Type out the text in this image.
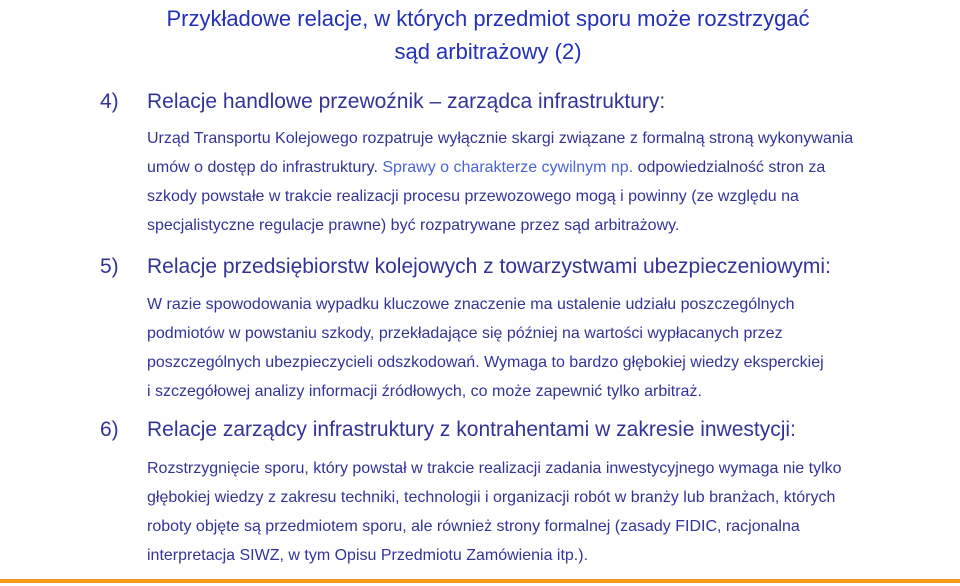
Przykładowe relacje, w których przedmiot sporu może rozstrzygać
sąd arbitrażowy (2)
4) Relacje handlowe przewoźnik – zarządca infrastruktury:
Urząd Transportu Kolejowego rozpatruje wyłącznie skargi związane z formalną stroną wykonywania
umów o dostęp do infrastruktury. Sprawy o charakterze cywilnym np. odpowiedzialność stron za
szkody powstałe w trakcie realizacji procesu przewozowego mogą i powinny (ze względu na
specjalistyczne regulacje prawne) być rozpatrywane przez sąd arbitrażowy.
5) Relacje przedsiębiorstw kolejowych z towarzystwami ubezpieczeniowymi:
W razie spowodowania wypadku kluczowe znaczenie ma ustalenie udziału poszczególnych
podmiotów w powstaniu szkody, przekładające się później na wartości wypłacanych przez
poszczególnych ubezpieczycieli odszkodowań. Wymaga to bardzo głębokiej wiedzy eksperckiej
i szczegółowej analizy informacji źródłowych, co może zapewnić tylko arbitraż.
6) Relacje zarządcy infrastruktury z kontrahentami w zakresie inwestycji:
Rozstrzygnięcie sporu, który powstał w trakcie realizacji zadania inwestycyjnego wymaga nie tylko
głębokiej wiedzy z zakresu techniki, technologii i organizacji robót w branży lub branżach, których
roboty objęte są przedmiotem sporu, ale również strony formalnej (zasady FIDIC, racjonalna
interpretacja SIWZ, w tym Opisu Przedmiotu Zamówienia itp.).
